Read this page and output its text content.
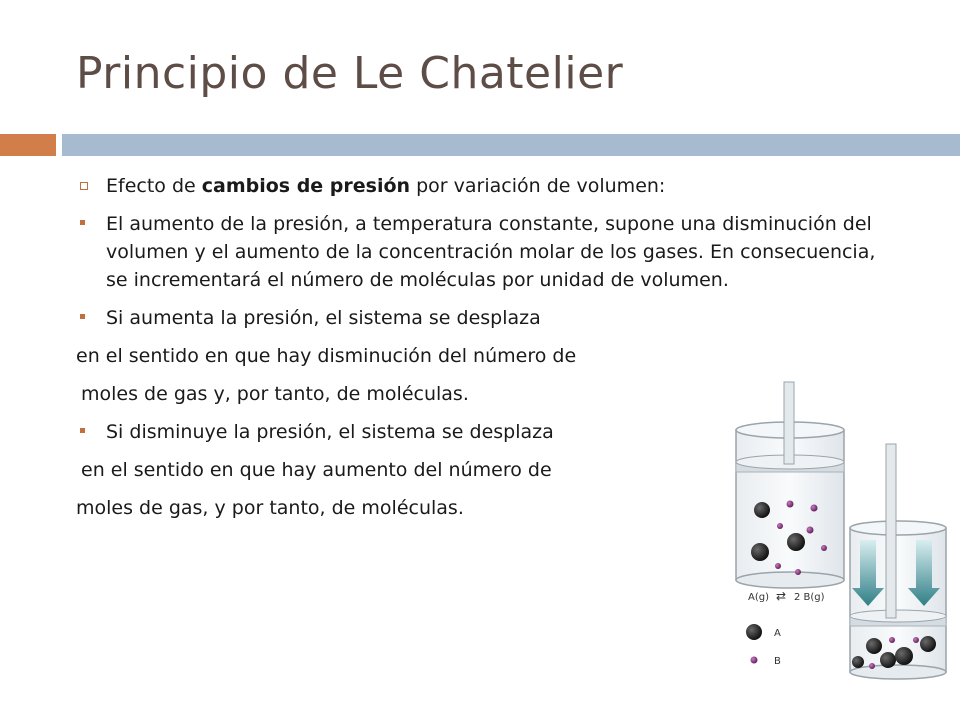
Principio de Le Chatelier

Efecto de cambios de presión por variación de volumen:

El aumento de la presión, a temperatura constante, supone una disminución del volumen y el aumento de la concentración molar de los gases. En consecuencia, se incrementará el número de moléculas por unidad de volumen.

Si aumenta la presión, el sistema se desplaza

en el sentido en que hay disminución del número de

moles de gas y, por tanto, de moléculas.

Si disminuye la presión, el sistema se desplaza

en el sentido en que hay aumento del número de

moles de gas, y por tanto, de moléculas.

A(g) ⇄ 2 B(g)
A
B
